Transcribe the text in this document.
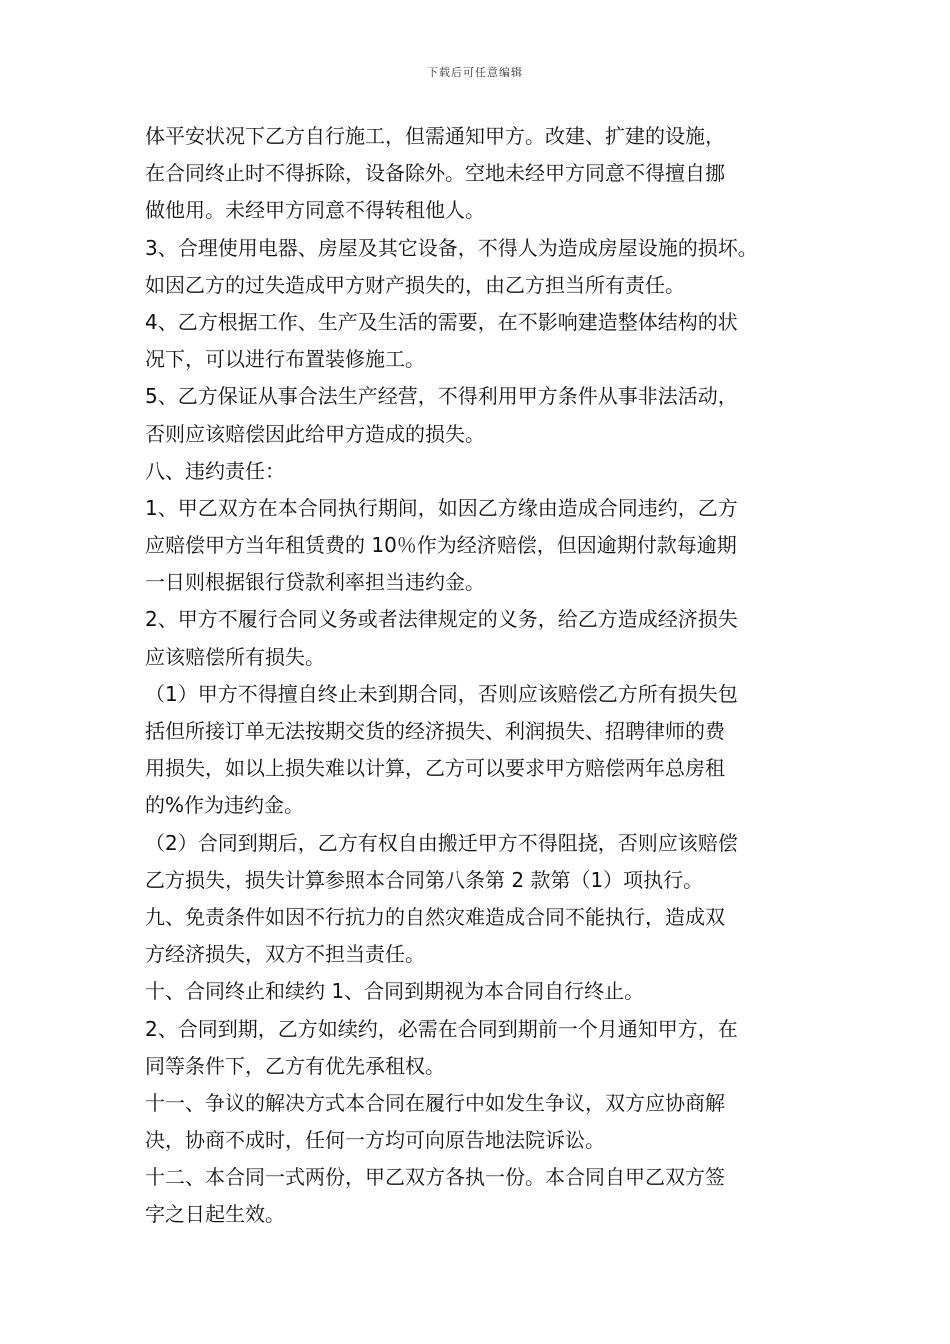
下载后可任意编辑
体平安状况下乙方自行施工，但需通知甲方。改建、扩建的设施，
在合同终止时不得拆除，设备除外。空地未经甲方同意不得擅自挪
做他用。未经甲方同意不得转租他人。
3、合理使用电器、房屋及其它设备，不得人为造成房屋设施的损坏。
如因乙方的过失造成甲方财产损失的，由乙方担当所有责任。
4、乙方根据工作、生产及生活的需要，在不影响建造整体结构的状
况下，可以进行布置装修施工。
5、乙方保证从事合法生产经营，不得利用甲方条件从事非法活动，
否则应该赔偿因此给甲方造成的损失。
八、违约责任：
1、甲乙双方在本合同执行期间，如因乙方缘由造成合同违约，乙方
应赔偿甲方当年租赁费的 10％作为经济赔偿，但因逾期付款每逾期
一日则根据银行贷款利率担当违约金。
2、甲方不履行合同义务或者法律规定的义务，给乙方造成经济损失
应该赔偿所有损失。
（1）甲方不得擅自终止未到期合同，否则应该赔偿乙方所有损失包
括但所接订单无法按期交货的经济损失、利润损失、招聘律师的费
用损失，如以上损失难以计算，乙方可以要求甲方赔偿两年总房租
的%作为违约金。
（2）合同到期后，乙方有权自由搬迁甲方不得阻挠，否则应该赔偿
乙方损失，损失计算参照本合同第八条第 2 款第（1）项执行。
九、免责条件如因不行抗力的自然灾难造成合同不能执行，造成双
方经济损失，双方不担当责任。
十、合同终止和续约 1、合同到期视为本合同自行终止。
2、合同到期，乙方如续约，必需在合同到期前一个月通知甲方，在
同等条件下，乙方有优先承租权。
十一、争议的解决方式本合同在履行中如发生争议，双方应协商解
决，协商不成时，任何一方均可向原告地法院诉讼。
十二、本合同一式两份，甲乙双方各执一份。本合同自甲乙双方签
字之日起生效。
